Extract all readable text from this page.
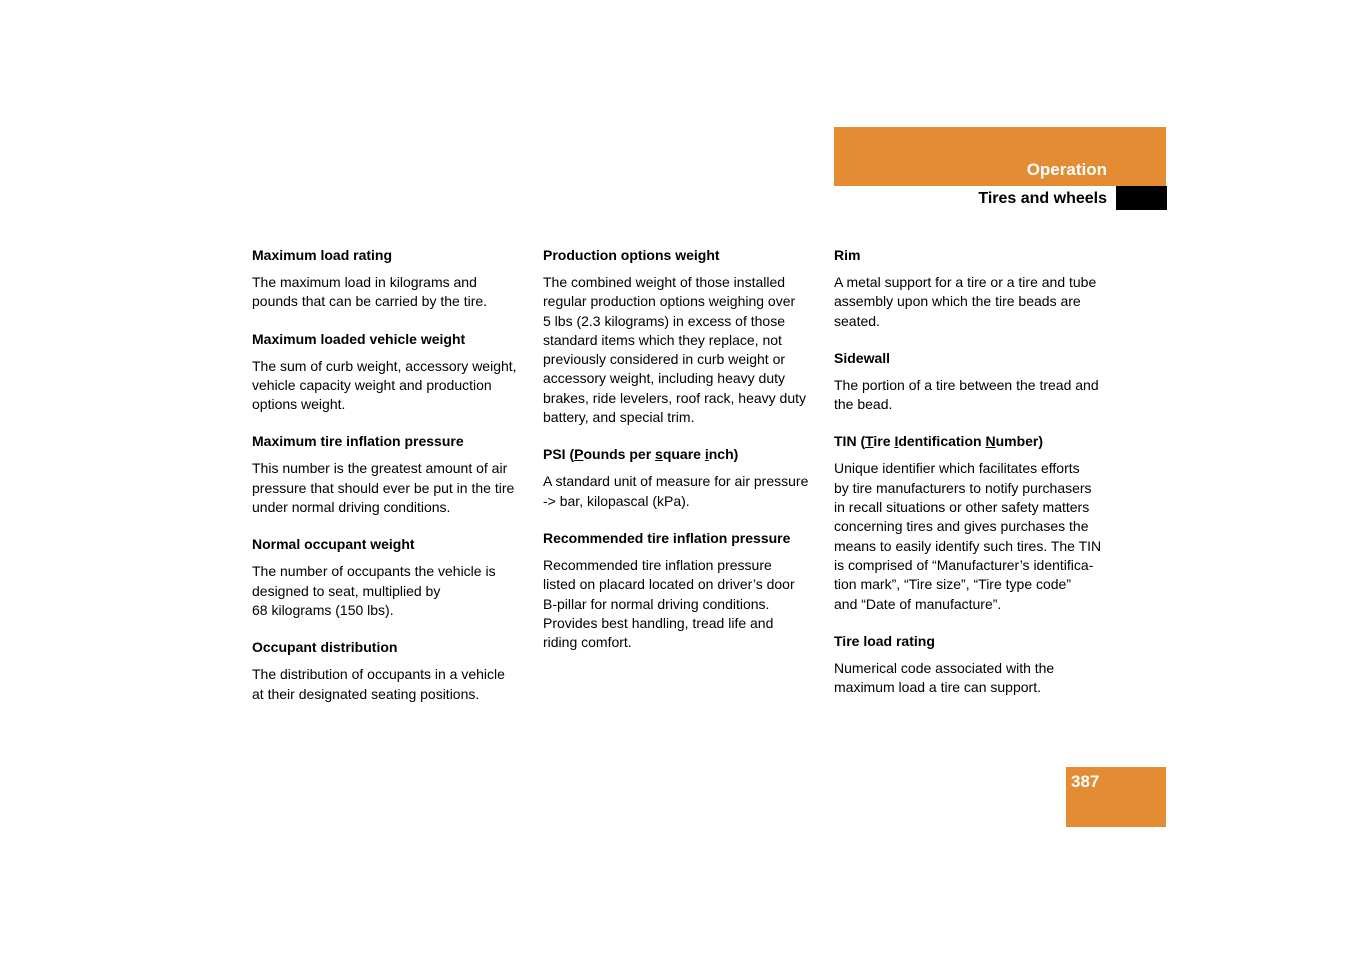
Operation
Tires and wheels
Maximum load rating
The maximum load in kilograms and
pounds that can be carried by the tire.
Maximum loaded vehicle weight
The sum of curb weight, accessory weight,
vehicle capacity weight and production
options weight.
Maximum tire inflation pressure
This number is the greatest amount of air
pressure that should ever be put in the tire
under normal driving conditions.
Normal occupant weight
The number of occupants the vehicle is
designed to seat, multiplied by
68 kilograms (150 lbs).
Occupant distribution
The distribution of occupants in a vehicle
at their designated seating positions.
Production options weight
The combined weight of those installed
regular production options weighing over
5 lbs (2.3 kilograms) in excess of those
standard items which they replace, not
previously considered in curb weight or
accessory weight, including heavy duty
brakes, ride levelers, roof rack, heavy duty
battery, and special trim.
PSI (Pounds per square inch)
A standard unit of measure for air pressure
-> bar, kilopascal (kPa).
Recommended tire inflation pressure
Recommended tire inflation pressure
listed on placard located on driver’s door
B-pillar for normal driving conditions.
Provides best handling, tread life and
riding comfort.
Rim
A metal support for a tire or a tire and tube
assembly upon which the tire beads are
seated.
Sidewall
The portion of a tire between the tread and
the bead.
TIN (Tire Identification Number)
Unique identifier which facilitates efforts
by tire manufacturers to notify purchasers
in recall situations or other safety matters
concerning tires and gives purchases the
means to easily identify such tires. The TIN
is comprised of “Manufacturer’s identifica-
tion mark”, “Tire size”, “Tire type code”
and “Date of manufacture”.
Tire load rating
Numerical code associated with the
maximum load a tire can support.
387
